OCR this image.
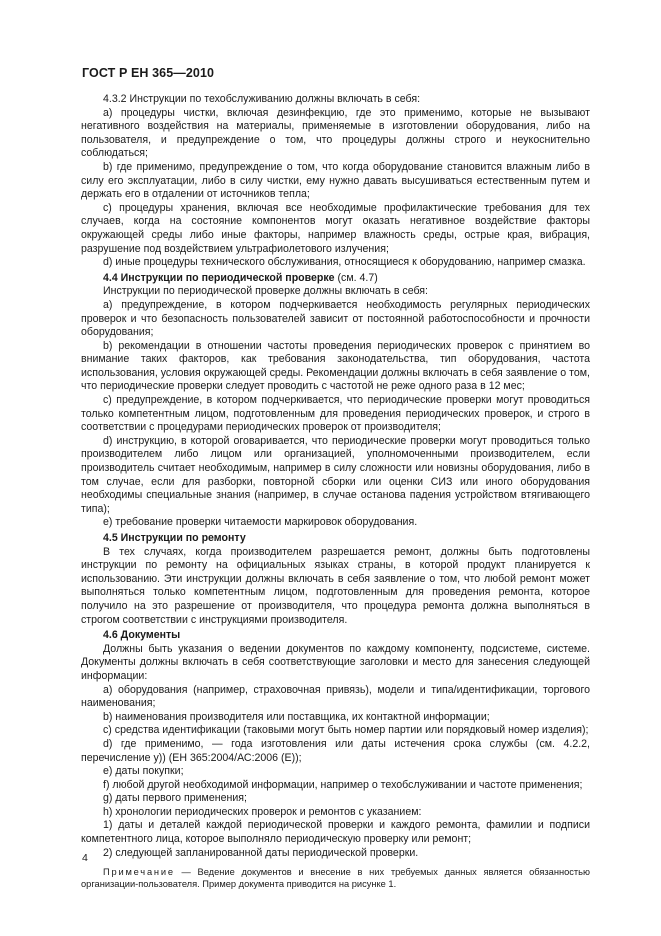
ГОСТ Р ЕН 365—2010

4.3.2 Инструкции по техобслуживанию должны включать в себя:

a) процедуры чистки, включая дезинфекцию, где это применимо, которые не вызывают негативного воздействия на материалы, применяемые в изготовлении оборудования, либо на пользователя, и предупреждение о том, что процедуры должны строго и неукоснительно соблюдаться;

b) где применимо, предупреждение о том, что когда оборудование становится влажным либо в силу его эксплуатации, либо в силу чистки, ему нужно давать высушиваться естественным путем и держать его в отдалении от источников тепла;

c) процедуры хранения, включая все необходимые профилактические требования для тех случаев, когда на состояние компонентов могут оказать негативное воздействие факторы окружающей среды либо иные факторы, например влажность среды, острые края, вибрация, разрушение под воздействием ультрафиолетового излучения;

d) иные процедуры технического обслуживания, относящиеся к оборудованию, например смазка.

4.4 Инструкции по периодической проверке (см. 4.7)

Инструкции по периодической проверке должны включать в себя:

a) предупреждение, в котором подчеркивается необходимость регулярных периодических проверок и что безопасность пользователей зависит от постоянной работоспособности и прочности оборудования;

b) рекомендации в отношении частоты проведения периодических проверок с принятием во внимание таких факторов, как требования законодательства, тип оборудования, частота использования, условия окружающей среды. Рекомендации должны включать в себя заявление о том, что периодические проверки следует проводить с частотой не реже одного раза в 12 мес;

c) предупреждение, в котором подчеркивается, что периодические проверки могут проводиться только компетентным лицом, подготовленным для проведения периодических проверок, и строго в соответствии с процедурами периодических проверок от производителя;

d) инструкцию, в которой оговаривается, что периодические проверки могут проводиться только производителем либо лицом или организацией, уполномоченными производителем, если производитель считает необходимым, например в силу сложности или новизны оборудования, либо в том случае, если для разборки, повторной сборки или оценки СИЗ или иного оборудования необходимы специальные знания (например, в случае останова падения устройством втягивающего типа);

e) требование проверки читаемости маркировок оборудования.

4.5 Инструкции по ремонту

В тех случаях, когда производителем разрешается ремонт, должны быть подготовлены инструкции по ремонту на официальных языках страны, в которой продукт планируется к использованию. Эти инструкции должны включать в себя заявление о том, что любой ремонт может выполняться только компетентным лицом, подготовленным для проведения ремонта, которое получило на это разрешение от производителя, что процедура ремонта должна выполняться в строгом соответствии с инструкциями производителя.

4.6 Документы

Должны быть указания о ведении документов по каждому компоненту, подсистеме, системе. Документы должны включать в себя соответствующие заголовки и место для занесения следующей информации:

a) оборудования (например, страховочная привязь), модели и типа/идентификации, торгового наименования;

b) наименования производителя или поставщика, их контактной информации;

c) средства идентификации (таковыми могут быть номер партии или порядковый номер изделия);

d) где применимо, — года изготовления или даты истечения срока службы (см. 4.2.2, перечисление y)) (ЕН 365:2004/АС:2006 (Е));

e) даты покупки;

f) любой другой необходимой информации, например о техобслуживании и частоте применения;

g) даты первого применения;

h) хронологии периодических проверок и ремонтов с указанием:

1) даты и деталей каждой периодической проверки и каждого ремонта, фамилии и подписи компетентного лица, которое выполняло периодическую проверку или ремонт;

2) следующей запланированной даты периодической проверки.

Примечание — Ведение документов и внесение в них требуемых данных является обязанностью организации-пользователя. Пример документа приводится на рисунке 1.

4
